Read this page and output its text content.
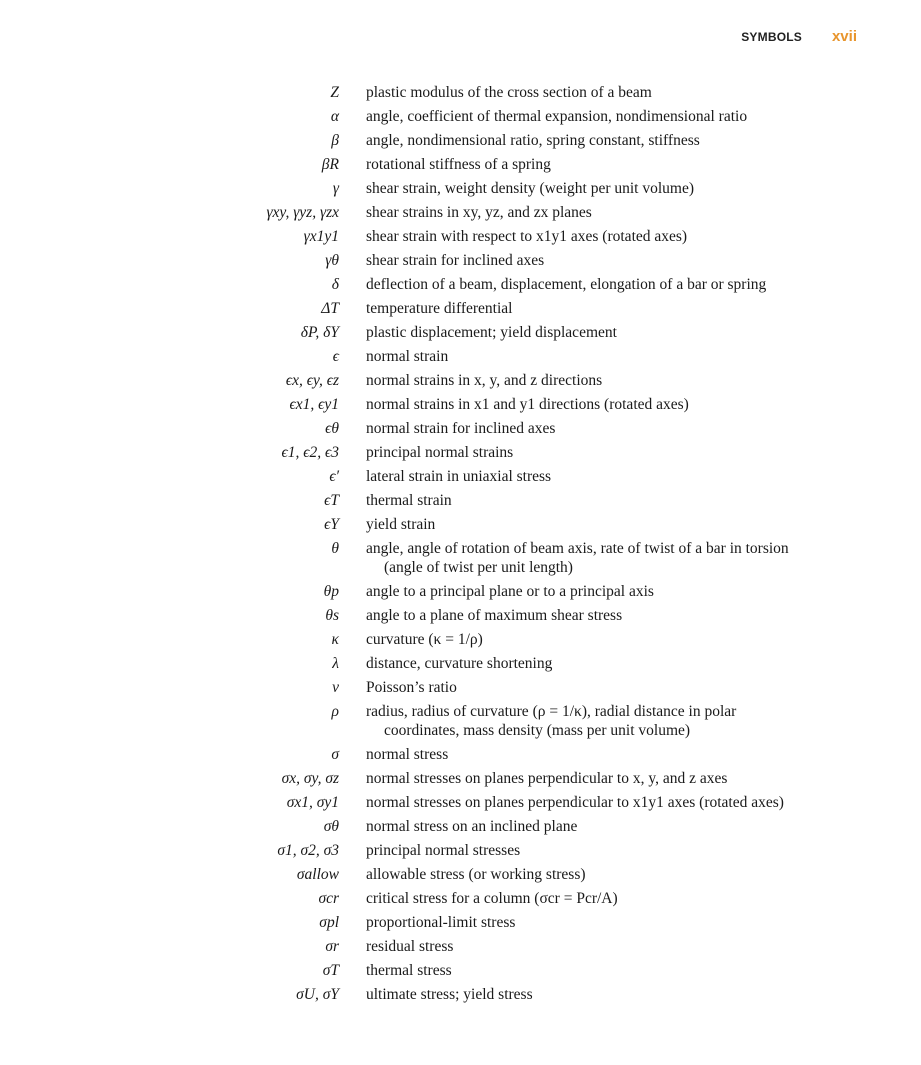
SYMBOLS xvii
Z plastic modulus of the cross section of a beam
α angle, coefficient of thermal expansion, nondimensional ratio
β angle, nondimensional ratio, spring constant, stiffness
βR rotational stiffness of a spring
γ shear strain, weight density (weight per unit volume)
γxy, γyz, γzx shear strains in xy, yz, and zx planes
γx1y1 shear strain with respect to x1y1 axes (rotated axes)
γθ shear strain for inclined axes
δ deflection of a beam, displacement, elongation of a bar or spring
ΔT temperature differential
δP, δY plastic displacement; yield displacement
ϵ normal strain
ϵx, ϵy, ϵz normal strains in x, y, and z directions
ϵx1, ϵy1 normal strains in x1 and y1 directions (rotated axes)
ϵθ normal strain for inclined axes
ϵ1, ϵ2, ϵ3 principal normal strains
ϵ′ lateral strain in uniaxial stress
ϵT thermal strain
ϵY yield strain
θ angle, angle of rotation of beam axis, rate of twist of a bar in torsion
(angle of twist per unit length)
θp angle to a principal plane or to a principal axis
θs angle to a plane of maximum shear stress
κ curvature (κ = 1/ρ)
λ distance, curvature shortening
ν Poisson’s ratio
ρ radius, radius of curvature (ρ = 1/κ), radial distance in polar
coordinates, mass density (mass per unit volume)
σ normal stress
σx, σy, σz normal stresses on planes perpendicular to x, y, and z axes
σx1, σy1 normal stresses on planes perpendicular to x1y1 axes (rotated axes)
σθ normal stress on an inclined plane
σ1, σ2, σ3 principal normal stresses
σallow allowable stress (or working stress)
σcr critical stress for a column (σcr = Pcr/A)
σpl proportional-limit stress
σr residual stress
σT thermal stress
σU, σY ultimate stress; yield stress
